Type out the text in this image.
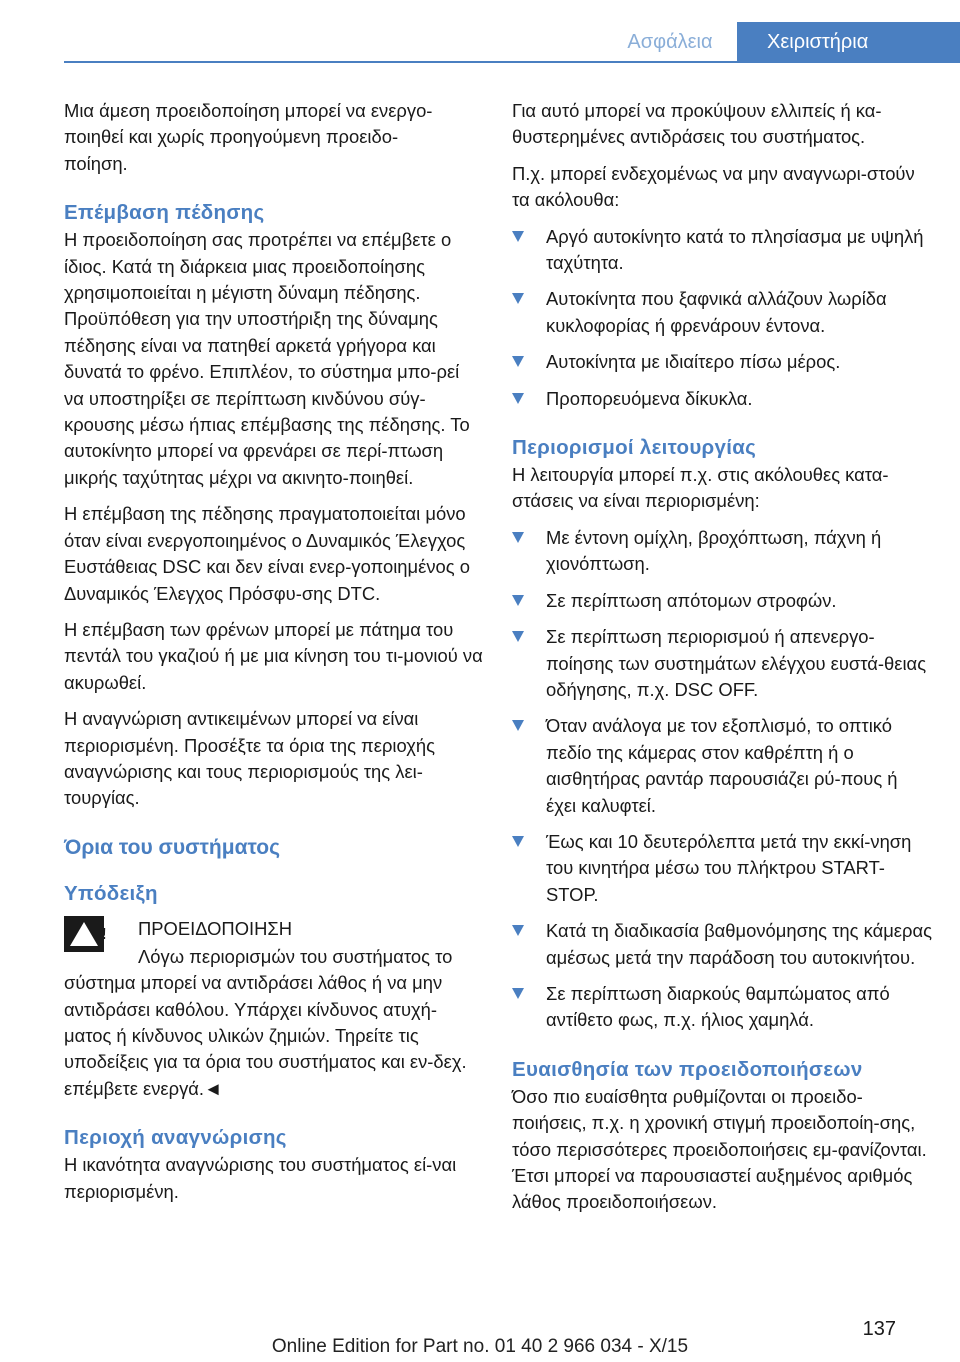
Ασφάλεια	Χειριστήρια

Μια άμεση προειδοποίηση μπορεί να ενεργο-
ποιηθεί και χωρίς προηγούμενη προειδο-
ποίηση.

Επέμβαση πέδησης

Η προειδοποίηση σας προτρέπει να επέμβετε ο ίδιος. Κατά τη διάρκεια μιας προειδοποίησης χρησιμοποιείται η μέγιστη δύναμη πέδησης. Προϋπόθεση για την υποστήριξη της δύναμης πέδησης είναι να πατηθεί αρκετά γρήγορα και δυνατά το φρένο. Επιπλέον, το σύστημα μπο-ρεί να υποστηρίξει σε περίπτωση κινδύνου σύγ-κρουσης μέσω ήπιας επέμβασης της πέδησης. Το αυτοκίνητο μπορεί να φρενάρει σε περί-πτωση μικρής ταχύτητας μέχρι να ακινητο-ποιηθεί.

Η επέμβαση της πέδησης πραγματοποιείται μόνο όταν είναι ενεργοποιημένος ο Δυναμικός Έλεγχος Ευστάθειας DSC και δεν είναι ενερ-γοποιημένος ο Δυναμικός Έλεγχος Πρόσφυ-σης DTC.

Η επέμβαση των φρένων μπορεί με πάτημα του πεντάλ του γκαζιού ή με μια κίνηση του τι-μονιού να ακυρωθεί.

Η αναγνώριση αντικειμένων μπορεί να είναι περιορισμένη. Προσέξτε τα όρια της περιοχής αναγνώρισης και τους περιορισμούς της λει-τουργίας.

Όρια του συστήματος
Υπόδειξη
! ΠΡΟΕΙΔΟΠΟΙΗΣΗ

Λόγω περιορισμών του συστήματος το σύστημα μπορεί να αντιδράσει λάθος ή να μην αντιδράσει καθόλου. Υπάρχει κίνδυνος ατυχή-ματος ή κίνδυνος υλικών ζημιών. Τηρείτε τις υποδείξεις για τα όρια του συστήματος και εν-δεχ. επέμβετε ενεργά.◄

Περιοχή αναγνώρισης

Η ικανότητα αναγνώρισης του συστήματος εί-ναι περιορισμένη.

Για αυτό μπορεί να προκύψουν ελλιπείς ή κα-θυστερημένες αντιδράσεις του συστήματος.

Π.χ. μπορεί ενδεχομένως να μην αναγνωρι-στούν τα ακόλουθα:

Αργό αυτοκίνητο κατά το πλησίασμα με υψηλή ταχύτητα.
Αυτοκίνητα που ξαφνικά αλλάζουν λωρίδα κυκλοφορίας ή φρενάρουν έντονα.
Αυτοκίνητα με ιδιαίτερο πίσω μέρος.
Προπορευόμενα δίκυκλα.
Περιορισμοί λειτουργίας

Η λειτουργία μπορεί π.χ. στις ακόλουθες κατα-στάσεις να είναι περιορισμένη:

Με έντονη ομίχλη, βροχόπτωση, πάχνη ή χιονόπτωση.
Σε περίπτωση απότομων στροφών.
Σε περίπτωση περιορισμού ή απενεργο-ποίησης των συστημάτων ελέγχου ευστά-θειας οδήγησης, π.χ. DSC OFF.
Όταν ανάλογα με τον εξοπλισμό, το οπτικό πεδίο της κάμερας στον καθρέπτη ή ο αισθητήρας ραντάρ παρουσιάζει ρύ-πους ή έχει καλυφτεί.
Έως και 10 δευτερόλεπτα μετά την εκκί-νηση του κινητήρα μέσω του πλήκτρου START-STOP.
Κατά τη διαδικασία βαθμονόμησης της κάμερας αμέσως μετά την παράδοση του αυτοκινήτου.
Σε περίπτωση διαρκούς θαμπώματος από αντίθετο φως, π.χ. ήλιος χαμηλά.
Ευαισθησία των προειδοποιήσεων

Όσο πιο ευαίσθητα ρυθμίζονται οι προειδο-ποιήσεις, π.χ. η χρονική στιγμή προειδοποίη-σης, τόσο περισσότερες προειδοποιήσεις εμ-φανίζονται. Έτσι μπορεί να παρουσιαστεί αυξημένος αριθμός λάθος προειδοποιήσεων.

137
Online Edition for Part no. 01 40 2 966 034 - X/15
